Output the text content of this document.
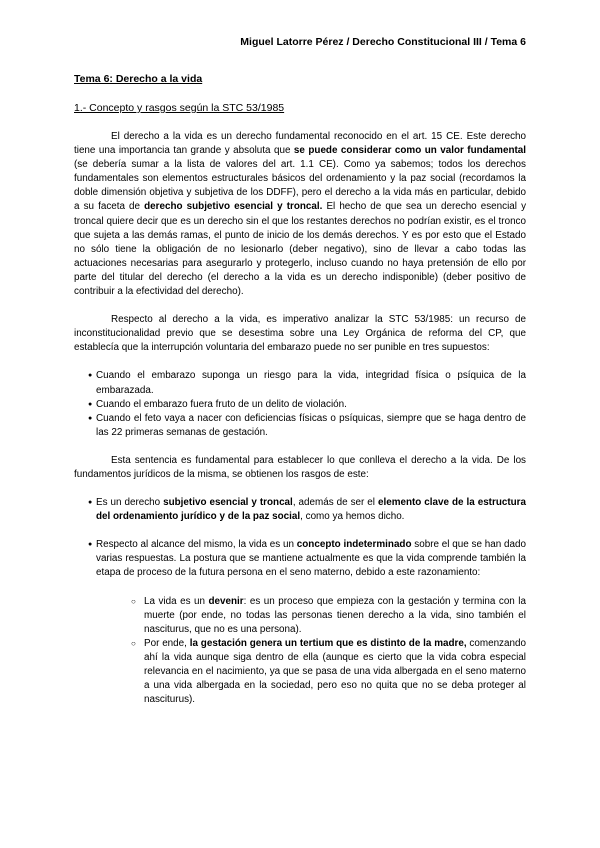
Miguel Latorre Pérez / Derecho Constitucional III / Tema 6
Tema 6: Derecho a la vida
1.- Concepto y rasgos según la STC 53/1985

El derecho a la vida es un derecho fundamental reconocido en el art. 15 CE. Este derecho tiene una importancia tan grande y absoluta que se puede considerar como un valor fundamental (se debería sumar a la lista de valores del art. 1.1 CE). Como ya sabemos; todos los derechos fundamentales son elementos estructurales básicos del ordenamiento y la paz social (recordamos la doble dimensión objetiva y subjetiva de los DDFF), pero el derecho a la vida más en particular, debido a su faceta de derecho subjetivo esencial y troncal. El hecho de que sea un derecho esencial y troncal quiere decir que es un derecho sin el que los restantes derechos no podrían existir, es el tronco que sujeta a las demás ramas, el punto de inicio de los demás derechos. Y es por esto que el Estado no sólo tiene la obligación de no lesionarlo (deber negativo), sino de llevar a cabo todas las actuaciones necesarias para asegurarlo y protegerlo, incluso cuando no haya pretensión de ello por parte del titular del derecho (el derecho a la vida es un derecho indisponible) (deber positivo de contribuir a la efectividad del derecho).

Respecto al derecho a la vida, es imperativo analizar la STC 53/1985: un recurso de inconstitucionalidad previo que se desestima sobre una Ley Orgánica de reforma del CP, que establecía que la interrupción voluntaria del embarazo puede no ser punible en tres supuestos:

● Cuando el embarazo suponga un riesgo para la vida, integridad física o psíquica de la embarazada.
● Cuando el embarazo fuera fruto de un delito de violación.
● Cuando el feto vaya a nacer con deficiencias físicas o psíquicas, siempre que se haga dentro de las 22 primeras semanas de gestación.

Esta sentencia es fundamental para establecer lo que conlleva el derecho a la vida. De los fundamentos jurídicos de la misma, se obtienen los rasgos de este:

● Es un derecho subjetivo esencial y troncal, además de ser el elemento clave de la estructura del ordenamiento jurídico y de la paz social, como ya hemos dicho.
● Respecto al alcance del mismo, la vida es un concepto indeterminado sobre el que se han dado varias respuestas. La postura que se mantiene actualmente es que la vida comprende también la etapa de proceso de la futura persona en el seno materno, debido a este razonamiento:
○ La vida es un devenir: es un proceso que empieza con la gestación y termina con la muerte (por ende, no todas las personas tienen derecho a la vida, sino también el nasciturus, que no es una persona).
○ Por ende, la gestación genera un tertium que es distinto de la madre, comenzando ahí la vida aunque siga dentro de ella (aunque es cierto que la vida cobra especial relevancia en el nacimiento, ya que se pasa de una vida albergada en el seno materno a una vida albergada en la sociedad, pero eso no quita que no se deba proteger al nasciturus).
